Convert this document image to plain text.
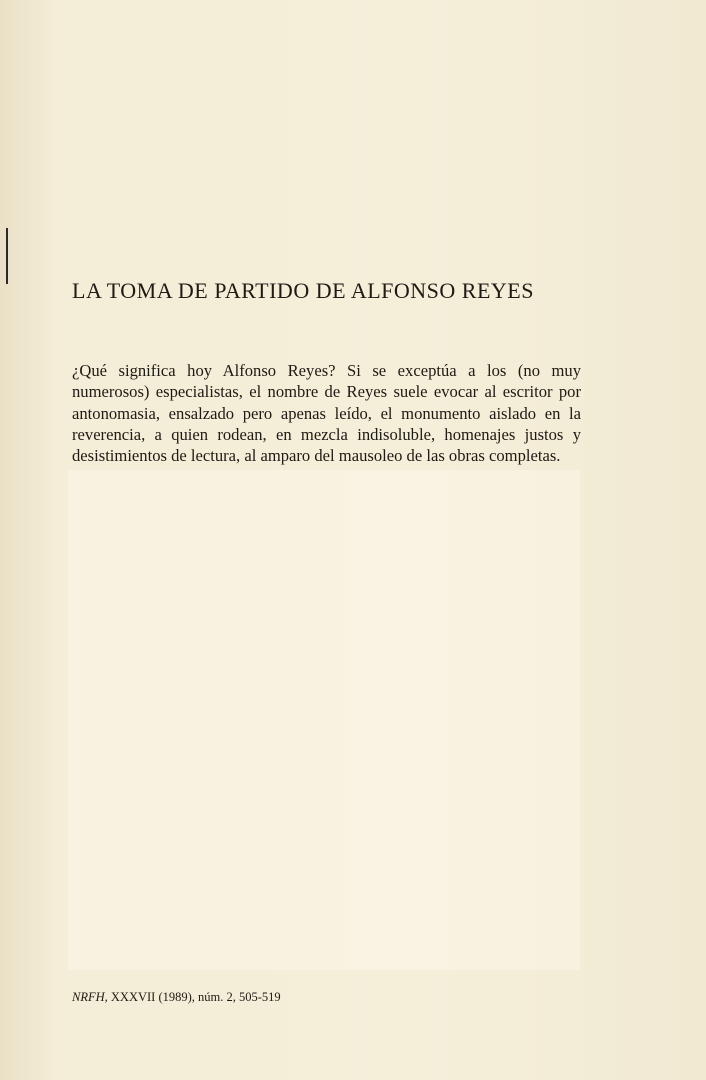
LA TOMA DE PARTIDO DE ALFONSO REYES

¿Qué significa hoy Alfonso Reyes? Si se exceptúa a los (no muy numerosos) especialistas, el nombre de Reyes suele evocar al escritor por antonomasia, ensalzado pero apenas leído, el monumento aislado en la reverencia, a quien rodean, en mezcla indisoluble, homenajes justos y desistimientos de lectura, al amparo del mausoleo de las obras completas.

NRFH, XXXVII (1989), núm. 2, 505-519
